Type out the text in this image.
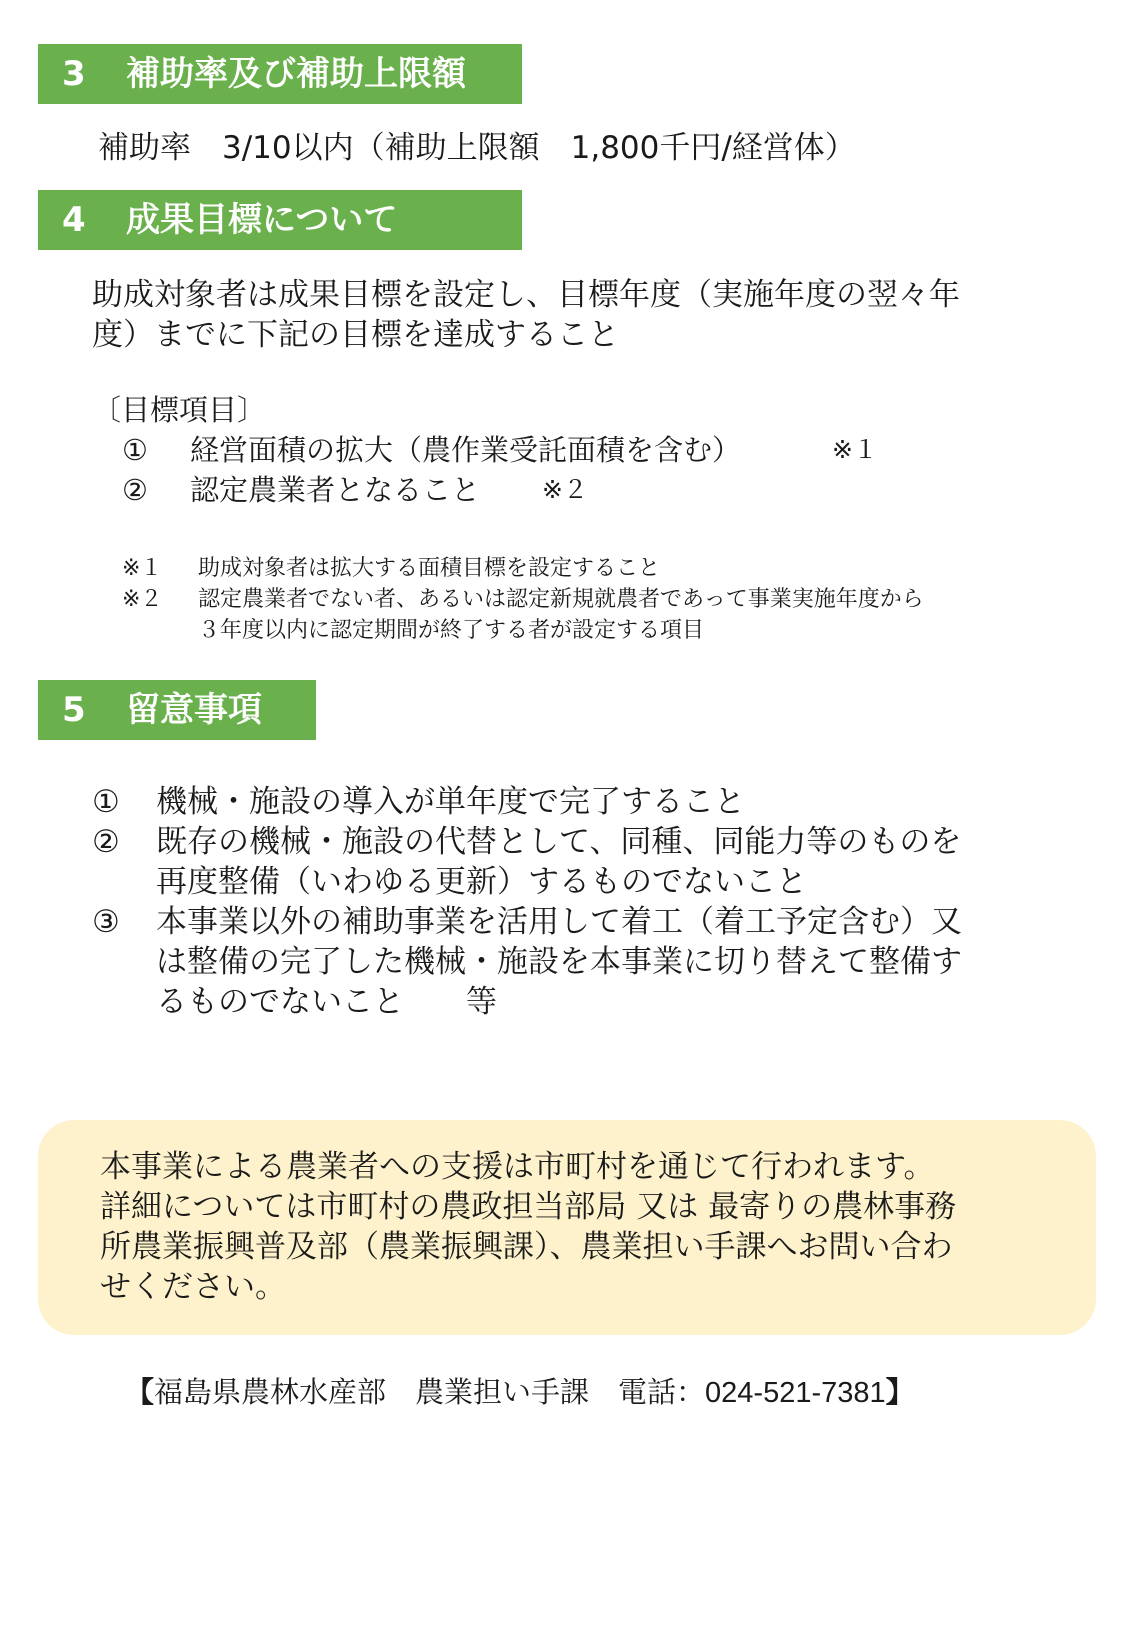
3 補助率及び補助上限額
補助率　3/10以内（補助上限額　1,800千円/経営体）
4 成果目標について
助成対象者は成果目標を設定し、目標年度（実施年度の翌々年
度）までに下記の目標を達成すること
〔目標項目〕
① 経営面積の拡大（農作業受託面積を含む）	※１
② 認定農業者となること ※２
※１ 助成対象者は拡大する面積目標を設定すること
※２ 認定農業者でない者、あるいは認定新規就農者であって事業実施年度から
３年度以内に認定期間が終了する者が設定する項目
5 留意事項
① 機械・施設の導入が単年度で完了すること
② 既存の機械・施設の代替として、同種、同能力等のものを
再度整備（いわゆる更新）するものでないこと
③ 本事業以外の補助事業を活用して着工（着工予定含む）又
は整備の完了した機械・施設を本事業に切り替えて整備す
るものでないこと　　等
本事業による農業者への支援は市町村を通じて行われます。
詳細については市町村の農政担当部局 又は 最寄りの農林事務
所農業振興普及部（農業振興課）、農業担い手課へお問い合わ
せください。
【福島県農林水産部　農業担い手課　電話：024-521-7381】
